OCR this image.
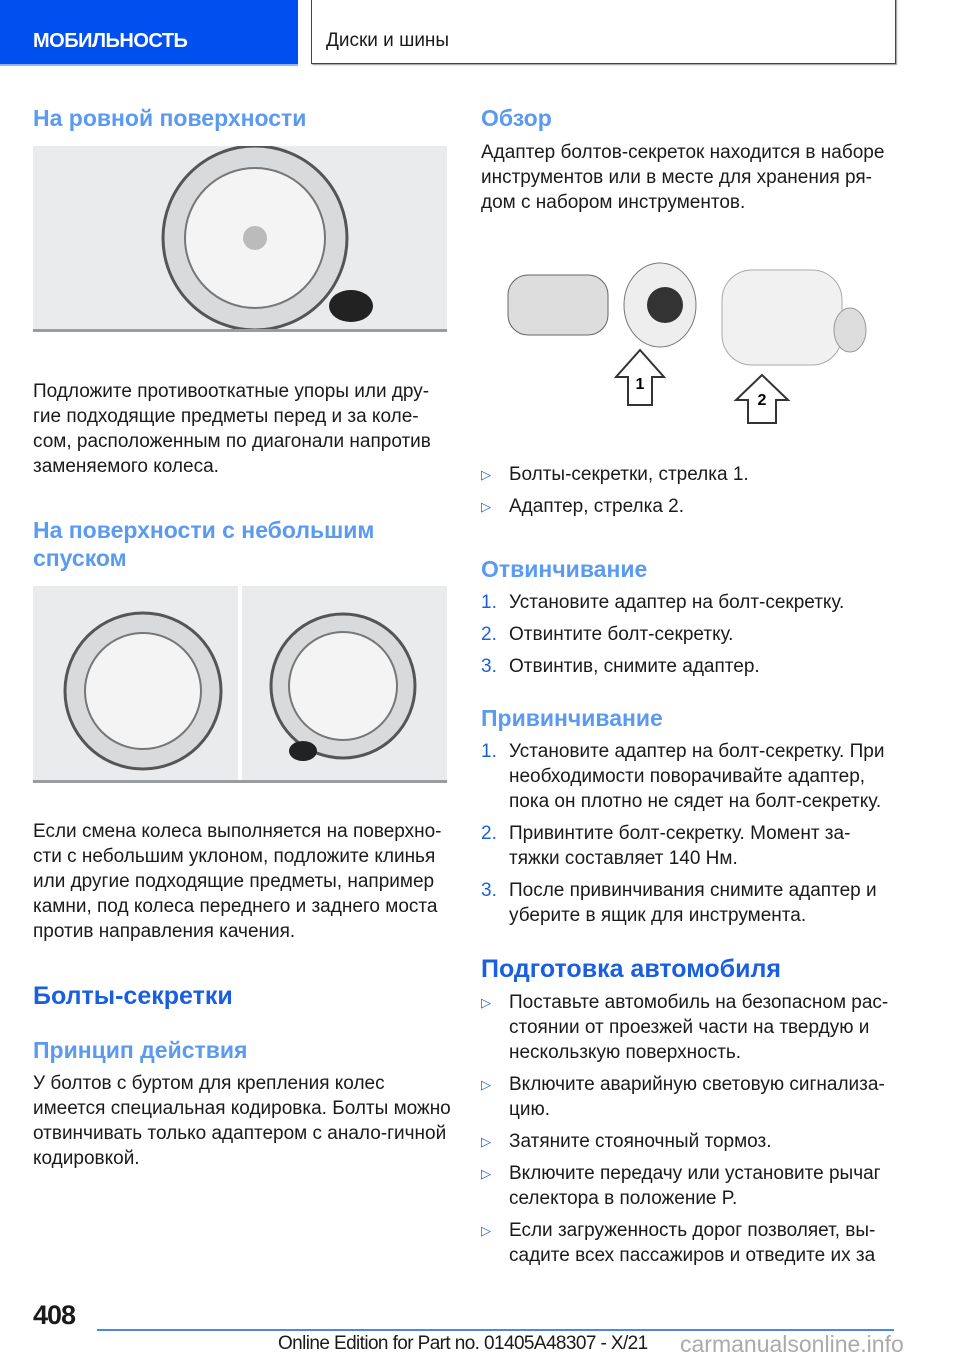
МОБИЛЬНОСТЬ	Диски и шины
На ровной поверхности
Подложите противооткатные упоры или дру-гие подходящие предметы перед и за коле-сом, расположенным по диагонали напротив заменяемого колеса.
На поверхности с небольшим спуском
Если смена колеса выполняется на поверхно-сти с небольшим уклоном, подложите клинья или другие подходящие предметы, например камни, под колеса переднего и заднего моста против направления качения.
Болты-секретки
Принцип действия
У болтов с буртом для крепления колес имеется специальная кодировка. Болты можно отвинчивать только адаптером с анало-гичной кодировкой.
Обзор
Адаптер болтов-секреток находится в наборе инструментов или в месте для хранения ря-дом с набором инструментов.
1
2
▷ Болты-секретки, стрелка 1.
▷ Адаптер, стрелка 2.
Отвинчивание
1. Установите адаптер на болт-секретку.
2. Отвинтите болт-секретку.
3. Отвинтив, снимите адаптер.
Привинчивание
1. Установите адаптер на болт-секретку. При необходимости поворачивайте адаптер, пока он плотно не сядет на болт-секретку.
2. Привинтите болт-секретку. Момент за-тяжки составляет 140 Нм.
3. После привинчивания снимите адаптер и уберите в ящик для инструмента.
Подготовка автомобиля
▷ Поставьте автомобиль на безопасном рас-стоянии от проезжей части на твердую и нескользкую поверхность.
▷ Включите аварийную световую сигнализа-цию.
▷ Затяните стояночный тормоз.
▷ Включите передачу или установите рычаг селектора в положение P.
▷ Если загруженность дорог позволяет, вы-садите всех пассажиров и отведите их за
408
Online Edition for Part no. 01405A48307 - X/21 carmanualsonline.info
